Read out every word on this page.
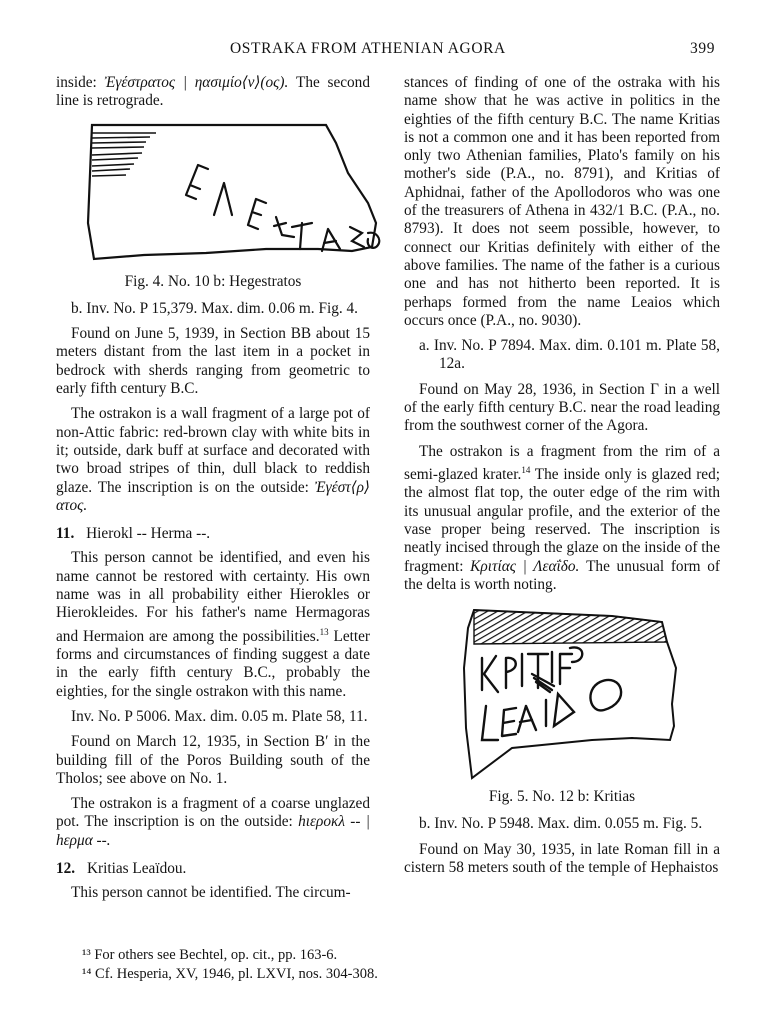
OSTRAKA FROM ATHENIAN AGORA	399

inside: Ἐγέστρατος | ηασιμίο⟨ν⟩(ος). The second line is retrograde.

Fig. 4. No. 10 b: Hegestratos

b. Inv. No. P 15,379. Max. dim. 0.06 m. Fig. 4.

Found on June 5, 1939, in Section BB about 15 meters distant from the last item in a pocket in bedrock with sherds ranging from geometric to early fifth century B.C.

The ostrakon is a wall fragment of a large pot of non-Attic fabric: red-brown clay with white bits in it; outside, dark buff at surface and decorated with two broad stripes of thin, dull black to reddish glaze. The inscription is on the outside: Ἐγέστ⟨ρ⟩ατος.

11. Hierokl -- Herma --.

This person cannot be identified, and even his name cannot be restored with certainty. His own name was in all probability either Hierokles or Hierokleides. For his father's name Hermagoras and Hermaion are among the possibilities.$^{13}$ Letter forms and circumstances of finding suggest a date in the early fifth century B.C., probably the eighties, for the single ostrakon with this name.

Inv. No. P 5006. Max. dim. 0.05 m. Plate 58, 11.

Found on March 12, 1935, in Section B′ in the building fill of the Poros Building south of the Tholos; see above on No. 1.

The ostrakon is a fragment of a coarse unglazed pot. The inscription is on the outside: hιεροκλ -- | hερμα --.

12. Kritias Leaïdou.

This person cannot be identified. The circum-

stances of finding of one of the ostraka with his name show that he was active in politics in the eighties of the fifth century B.C. The name Kritias is not a common one and it has been reported from only two Athenian families, Plato's family on his mother's side (P.A., no. 8791), and Kritias of Aphidnai, father of the Apollodoros who was one of the treasurers of Athena in 432/1 B.C. (P.A., no. 8793). It does not seem possible, however, to connect our Kritias definitely with either of the above families. The name of the father is a curious one and has not hitherto been reported. It is perhaps formed from the name Leaios which occurs once (P.A., no. 9030).

a. Inv. No. P 7894. Max. dim. 0.101 m. Plate 58, 12a.

Found on May 28, 1936, in Section Γ in a well of the early fifth century B.C. near the road leading from the southwest corner of the Agora.

The ostrakon is a fragment from the rim of a semi-glazed krater.$^{14}$ The inside only is glazed red; the almost flat top, the outer edge of the rim with its unusual angular profile, and the exterior of the vase proper being reserved. The inscription is neatly incised through the glaze on the inside of the fragment: Κριτίας | Λεαΐδο. The unusual form of the delta is worth noting.

Fig. 5. No. 12 b: Kritias

b. Inv. No. P 5948. Max. dim. 0.055 m. Fig. 5.

Found on May 30, 1935, in late Roman fill in a cistern 58 meters south of the temple of Hephaistos

¹³ For others see Bechtel, op. cit., pp. 163-6.
¹⁴ Cf. Hesperia, XV, 1946, pl. LXVI, nos. 304-308.
